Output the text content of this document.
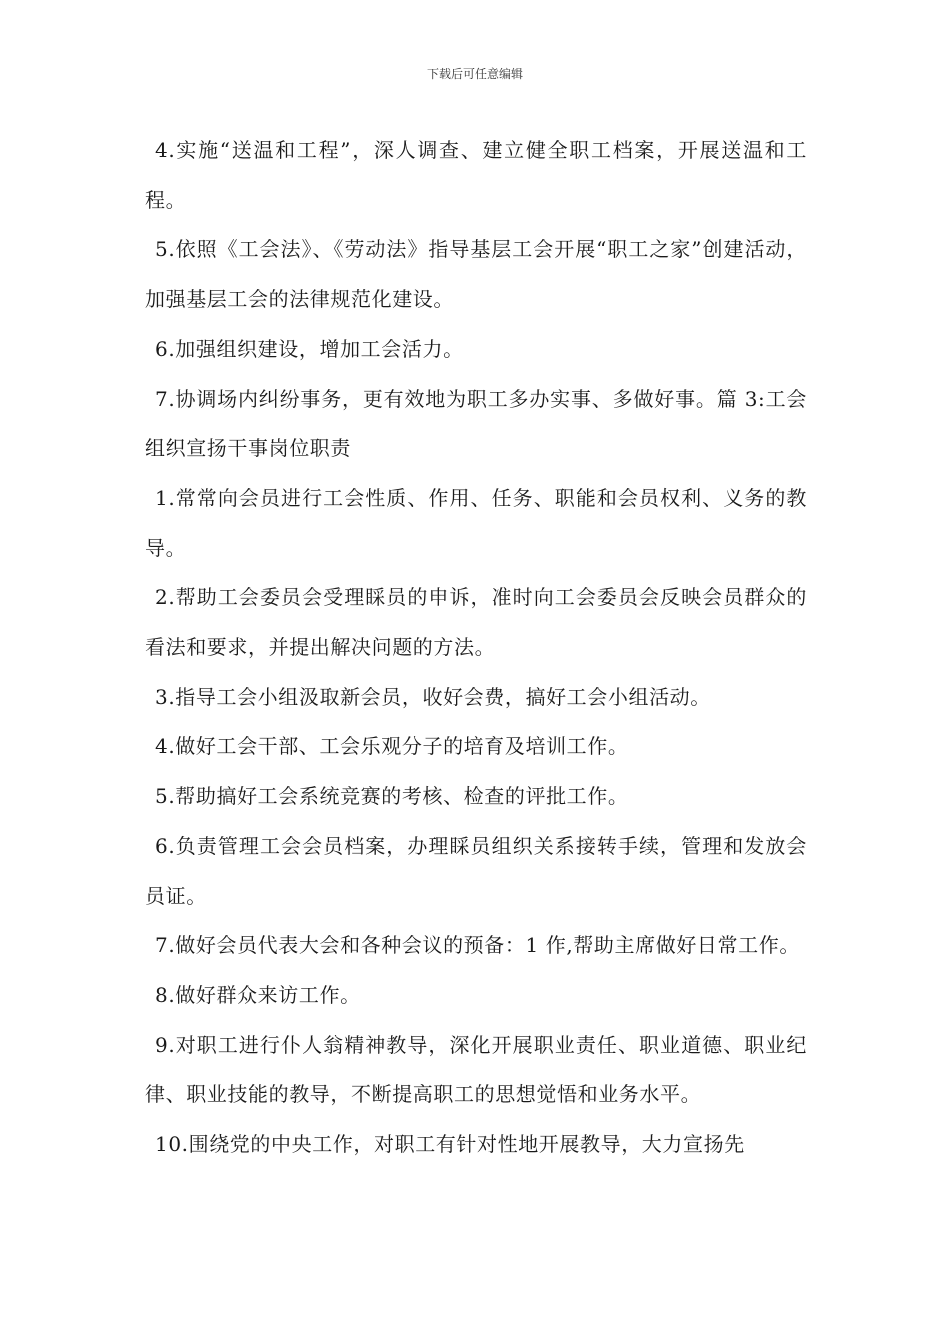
下载后可任意编辑

4.实施“送温和工程”，深人调查、建立健全职工档案，开展送温和工程。

5.依照《工会法》、《劳动法》指导基层工会开展“职工之家”创建活动，加强基层工会的法律规范化建设。

6.加强组织建设，增加工会活力。

7.协调场内纠纷事务，更有效地为职工多办实事、多做好事。篇 3:工会组织宣扬干事岗位职责

1.常常向会员进行工会性质、作用、任务、职能和会员权利、义务的教导。

2.帮助工会委员会受理睬员的申诉，准时向工会委员会反映会员群众的看法和要求，并提出解决问题的方法。

3.指导工会小组汲取新会员，收好会费，搞好工会小组活动。

4.做好工会干部、工会乐观分子的培育及培训工作。

5.帮助搞好工会系统竞赛的考核、检查的评批工作。

6.负责管理工会会员档案，办理睬员组织关系接转手续，管理和发放会员证。

7.做好会员代表大会和各种会议的预备：1 作,帮助主席做好日常工作。

8.做好群众来访工作。

9.对职工进行仆人翁精神教导，深化开展职业责任、职业道德、职业纪律、职业技能的教导，不断提高职工的思想觉悟和业务水平。

10.围绕党的中央工作，对职工有针对性地开展教导，大力宣扬先
